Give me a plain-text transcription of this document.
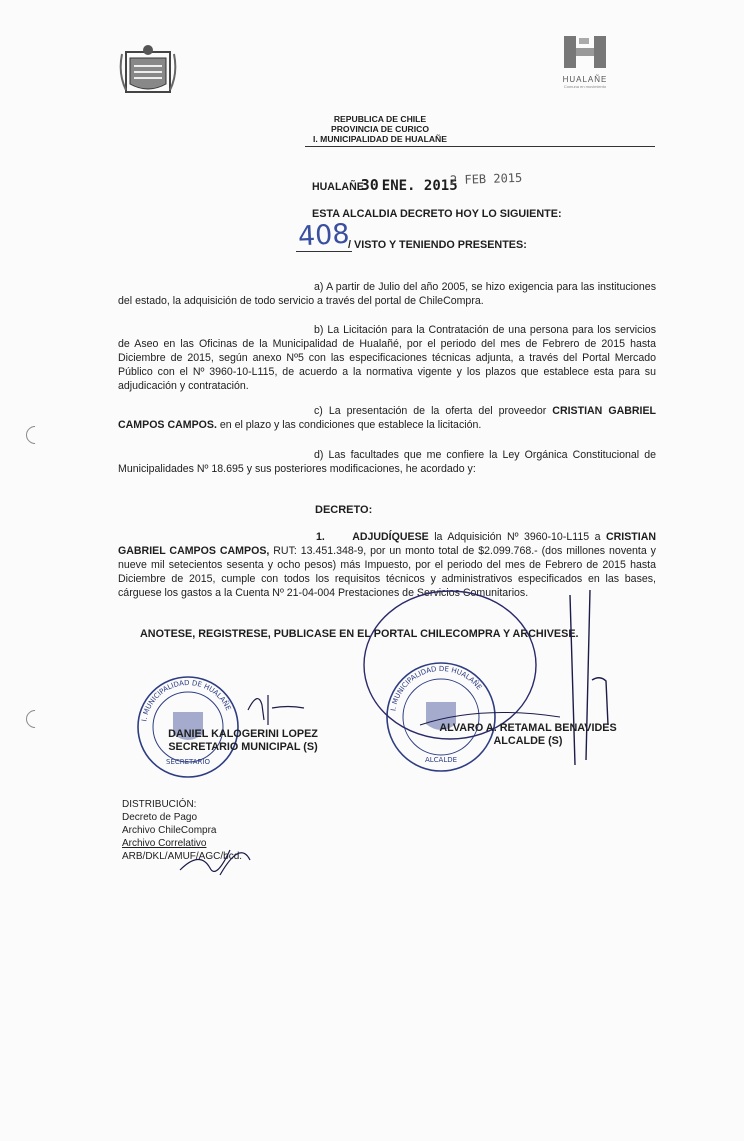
HUALAÑE
Comuna en movimiento
REPUBLICA DE CHILE
PROVINCIA DE CURICO
I. MUNICIPALIDAD DE HUALAÑE
HUALAÑE 30 ENE. 2015
2 FEB 2015
ESTA ALCALDIA DECRETO HOY LO SIGUIENTE:
408
/ VISTO Y TENIENDO PRESENTES:
a) A partir de Julio del año 2005, se hizo exigencia para las instituciones del estado, la adquisición de todo servicio a través del portal de ChileCompra.
b) La Licitación para la Contratación de una persona para los servicios de Aseo en las Oficinas de la Municipalidad de Hualañé, por el periodo del mes de Febrero de 2015 hasta Diciembre de 2015, según anexo Nº5 con las especificaciones técnicas adjunta, a través del Portal Mercado Público con el Nº 3960-10-L115, de acuerdo a la normativa vigente y los plazos que establece esta para su adjudicación y contratación.
c) La presentación de la oferta del proveedor CRISTIAN GABRIEL CAMPOS CAMPOS. en el plazo y las condiciones que establece la licitación.
d) Las facultades que me confiere la Ley Orgánica Constitucional de Municipalidades Nº 18.695 y sus posteriores modificaciones, he acordado y:
DECRETO:
1.	ADJUDÍQUESE la Adquisición Nº 3960-10-L115 a CRISTIAN GABRIEL CAMPOS CAMPOS, RUT: 13.451.348-9, por un monto total de $2.099.768.- (dos millones noventa y nueve mil setecientos sesenta y ocho pesos) más Impuesto, por el periodo del mes de Febrero de 2015 hasta Diciembre de 2015, cumple con todos los requisitos técnicos y administrativos especificados en las bases, cárguese los gastos a la Cuenta Nº 21-04-004 Prestaciones de Servicios Comunitarios.
ANOTESE, REGISTRESE, PUBLICASE EN EL PORTAL CHILECOMPRA Y ARCHIVESE.
I. MUNICIPALIDAD DE HUALAÑE
SECRETARIO
I. MUNICIPALIDAD DE HUALAÑE
ALCALDE
DANIEL KALOGERINI LOPEZ
SECRETARIO MUNICIPAL (S)
ALVARO A. RETAMAL BENAVIDES
ALCALDE (S)
DISTRIBUCIÓN:
Decreto de Pago
Archivo ChileCompra
Archivo Correlativo
ARB/DKL/AMUF/AGC/bcd.
